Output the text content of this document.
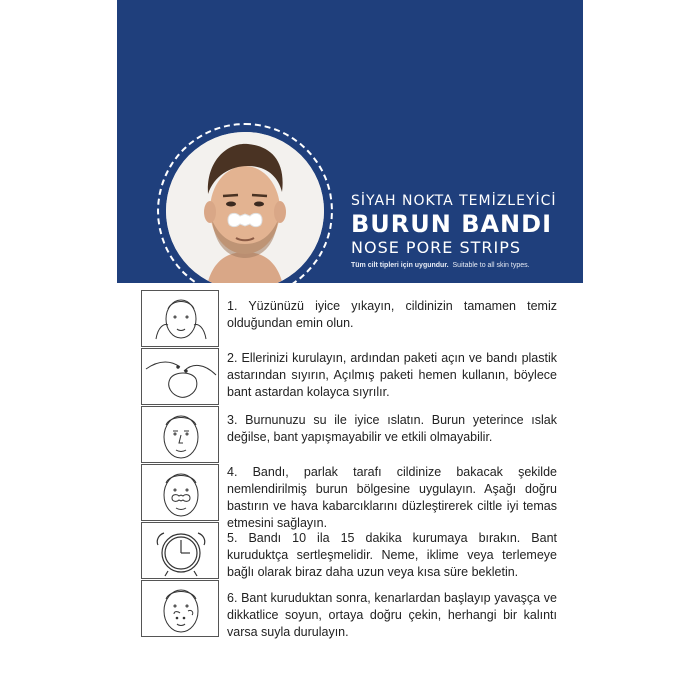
SİYAH NOKTA TEMİZLEYİCİ
BURUN BANDI
NOSE PORE STRIPS
Tüm cilt tipleri için uygundur. Suitable to all skin types.
1. Yüzünüzü iyice yıkayın, cildinizin tamamen temiz olduğundan emin olun.
2. Ellerinizi kurulayın, ardından paketi açın ve bandı plastik astarından sıyırın, Açılmış paketi hemen kullanın, böylece bant astardan kolayca sıyrılır.
3. Burnunuzu su ile iyice ıslatın. Burun yeterince ıslak değilse, bant yapışmayabilir ve etkili olmayabilir.
4. Bandı, parlak tarafı cildinize bakacak şekilde nemlendirilmiş burun bölgesine uygulayın. Aşağı doğru bastırın ve hava kabarcıklarını düzleştirerek ciltle iyi temas etmesini sağlayın.
5. Bandı 10 ila 15 dakika kurumaya bırakın. Bant kuruduktça sertleşmelidir. Neme, iklime veya terlemeye bağlı olarak biraz daha uzun veya kısa süre bekletin.
6. Bant kuruduktan sonra, kenarlardan başlayıp yavaşça ve dikkatlice soyun, ortaya doğru çekin, herhangi bir kalıntı varsa suyla durulayın.
